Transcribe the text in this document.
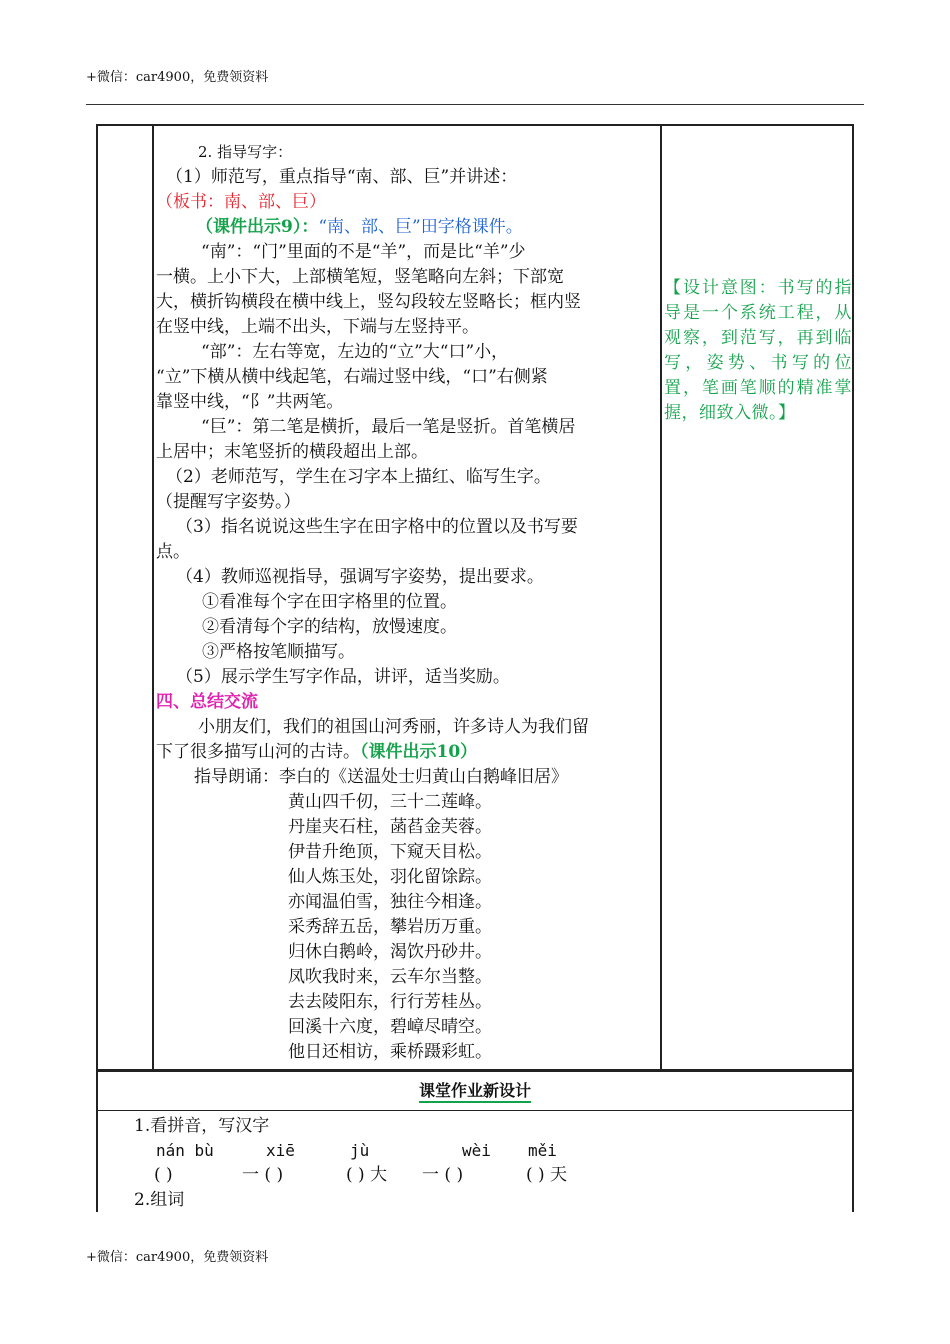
+微信：car4900，免费领资料
2. 指导写字：
（1）师范写，重点指导“南、部、巨”并讲述：
（板书：南、部、巨）
（课件出示9）：“南、部、巨”田字格课件。
“南”：“门”里面的不是“羊”，而是比“羊”少
一横。上小下大，上部横笔短，竖笔略向左斜；下部宽
大，横折钩横段在横中线上，竖勾段较左竖略长；框内竖
在竖中线，上端不出头，下端与左竖持平。
“部”：左右等宽，左边的“立”大“口”小，
“立”下横从横中线起笔，右端过竖中线，“口”右侧紧
靠竖中线，“阝”共两笔。
“巨”：第二笔是横折，最后一笔是竖折。首笔横居
上居中；末笔竖折的横段超出上部。
（2）老师范写，学生在习字本上描红、临写生字。
（提醒写字姿势。）
（3）指名说说这些生字在田字格中的位置以及书写要
点。
（4）教师巡视指导，强调写字姿势，提出要求。
①看准每个字在田字格里的位置。
②看清每个字的结构，放慢速度。
③严格按笔顺描写。
（5）展示学生写字作品，讲评，适当奖励。
四、总结交流
小朋友们，我们的祖国山河秀丽，许多诗人为我们留
下了很多描写山河的古诗。（课件出示10）
指导朗诵：李白的《送温处士归黄山白鹅峰旧居》
黄山四千仞，三十二莲峰。
丹崖夹石柱，菡萏金芙蓉。
伊昔升绝顶，下窥天目松。
仙人炼玉处，羽化留馀踪。
亦闻温伯雪，独往今相逢。
采秀辞五岳，攀岩历万重。
归休白鹅岭，渴饮丹砂井。
凤吹我时来，云车尔当整。
去去陵阳东，行行芳桂丛。
回溪十六度，碧嶂尽晴空。
他日还相访，乘桥蹑彩虹。
【设计意图：书写的指导是一个系统工程，从观察，到范写，再到临写，姿势、书写的位置，笔画笔顺的精准掌握，细致入微。】
课堂作业新设计
1.看拼音，写汉字
nán bù	xiē	jù	wèi měi
( )	一 ( )	( ) 大 一 ( )	( ) 天
2.组词
+微信：car4900，免费领资料
